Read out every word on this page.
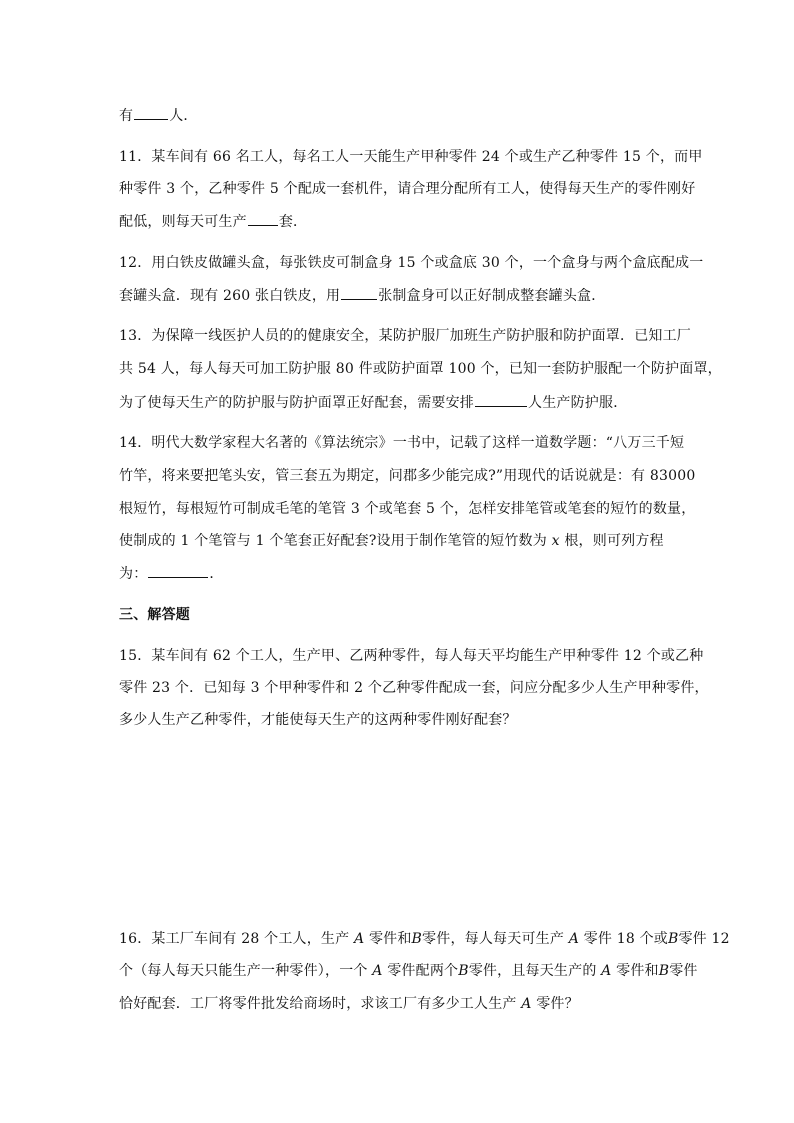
有	人．
11．某车间有 66 名工人，每名工人一天能生产甲种零件 24 个或生产乙种零件 15 个，而甲
种零件 3 个，乙种零件 5 个配成一套机件，请合理分配所有工人，使得每天生产的零件刚好
配低，则每天可生产 套．
12．用白铁皮做罐头盒，每张铁皮可制盒身 15 个或盒底 30 个，一个盒身与两个盒底配成一
套罐头盒．现有 260 张白铁皮，用	张制盒身可以正好制成整套罐头盒．
13．为保障一线医护人员的的健康安全，某防护服厂加班生产防护服和防护面罩．已知工厂
共 54 人，每人每天可加工防护服 80 件或防护面罩 100 个，已知一套防护服配一个防护面罩，
为了使每天生产的防护服与防护面罩正好配套，需要安排	人生产防护服．
14．明代大数学家程大名著的《算法统宗》一书中，记载了这样一道数学题：“八万三千短
竹竿，将来要把笔头安，管三套五为期定，问郡多少能完成?”用现代的话说就是：有 83000
根短竹，每根短竹可制成毛笔的笔管 3 个或笔套 5 个，怎样安排笔管或笔套的短竹的数量，
使制成的 1 个笔管与 1 个笔套正好配套?设用于制作笔管的短竹数为 x 根，则可列方程
为：	．
三、解答题
15．某车间有 62 个工人，生产甲、乙两种零件，每人每天平均能生产甲种零件 12 个或乙种
零件 23 个．已知每 3 个甲种零件和 2 个乙种零件配成一套，问应分配多少人生产甲种零件，
多少人生产乙种零件，才能使每天生产的这两种零件刚好配套？
16．某工厂车间有 28 个工人，生产 A 零件和B零件，每人每天可生产 A 零件 18 个或B零件 12
个（每人每天只能生产一种零件），一个 A 零件配两个B零件，且每天生产的 A 零件和B零件
恰好配套．工厂将零件批发给商场时，求该工厂有多少工人生产 A 零件？
